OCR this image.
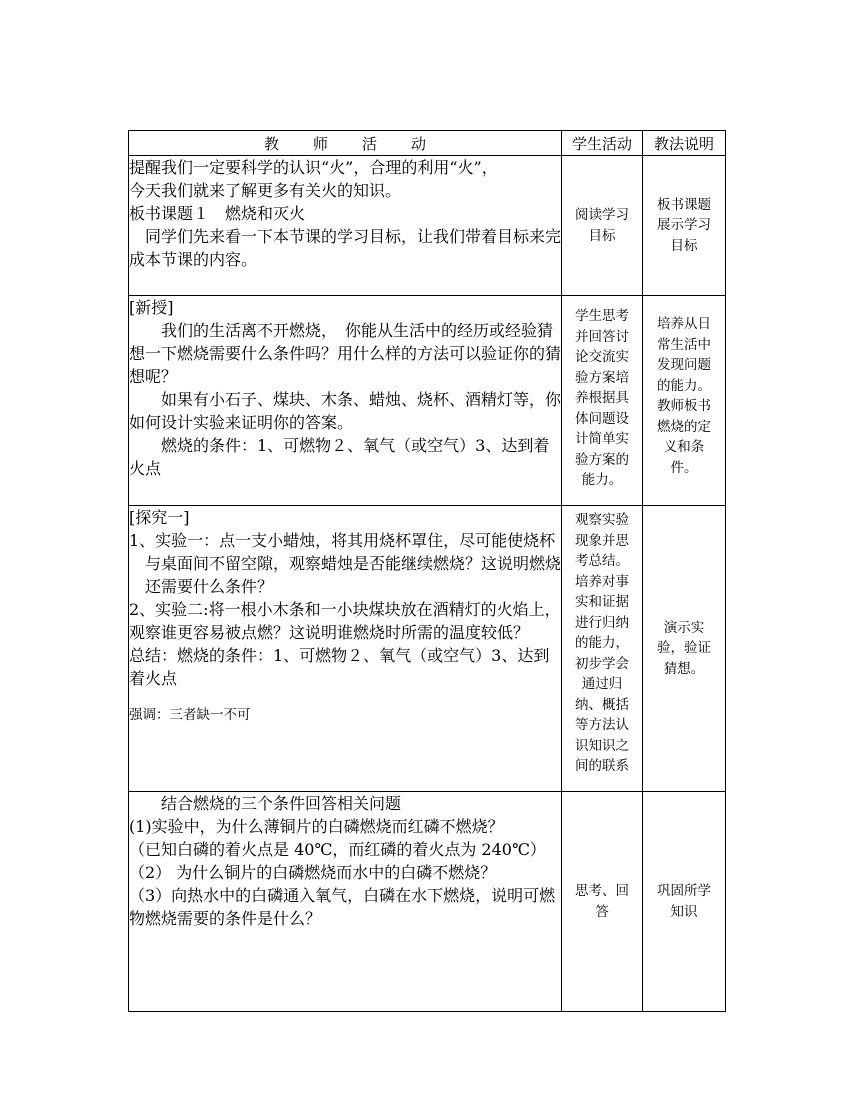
教师活动	学生活动	教法说明

提醒我们一定要科学的认识“火”，合理的利用“火”，

今天我们就来了解更多有关火的知识。

板书课题１　燃烧和灭火

同学们先来看一下本节课的学习目标，让我们带着目标来完成本节课的内容。	阅读学习目标	板书课题展示学习目标

[新授]

我们的生活离不开燃烧，　你能从生活中的经历或经验猜想一下燃烧需要什么条件吗？用什么样的方法可以验证你的猜想呢？

如果有小石子、煤块、木条、蜡烛、烧杯、酒精灯等，你如何设计实验来证明你的答案。

燃烧的条件：1、可燃物２、氧气（或空气）3、达到着火点	学生思考并回答讨论交流实验方案培养根据具体问题设计简单实验方案的能力。	培养从日常生活中发现问题的能力。教师板书燃烧的定义和条件。

[探究一]

1、实验一：点一支小蜡烛，将其用烧杯罩住，尽可能使烧杯与桌面间不留空隙，观察蜡烛是否能继续燃烧？这说明燃烧还需要什么条件？

2、实验二:将一根小木条和一小块煤块放在酒精灯的火焰上，观察谁更容易被点燃？这说明谁燃烧时所需的温度较低？

总结：燃烧的条件：1、可燃物２、氧气（或空气）3、达到着火点

强调：三者缺一不可	观察实验现象并思考总结。培养对事实和证据进行归纳的能力，初步学会通过归纳、概括等方法认识知识之间的联系	演示实验，验证猜想。

结合燃烧的三个条件回答相关问题

(1)实验中，为什么薄铜片的白磷燃烧而红磷不燃烧？

（已知白磷的着火点是 40℃，而红磷的着火点为 240℃）

（2） 为什么铜片的白磷燃烧而水中的白磷不燃烧？

（3）向热水中的白磷通入氧气，白磷在水下燃烧，说明可燃物燃烧需要的条件是什么？	思考、回答	巩固所学知识
